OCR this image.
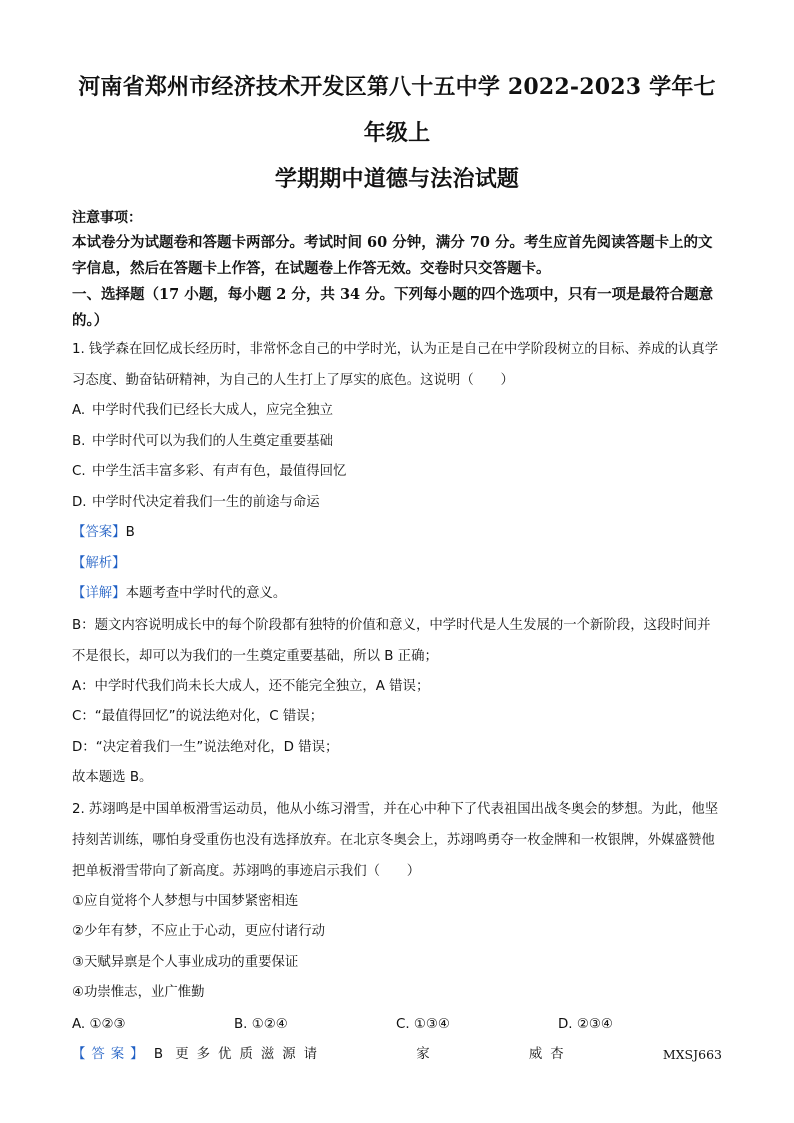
河南省郑州市经济技术开发区第八十五中学 2022-2023 学年七年级上
学期期中道德与法治试题
注意事项：

本试卷分为试题卷和答题卡两部分。考试时间 60 分钟，满分 70 分。考生应首先阅读答题卡上的文字信息，然后在答题卡上作答，在试题卷上作答无效。交卷时只交答题卡。

一、选择题（17 小题，每小题 2 分，共 34 分。下列每小题的四个选项中，只有一项是最符合题意的。）

1. 钱学森在回忆成长经历时，非常怀念自己的中学时光，认为正是自己在中学阶段树立的目标、养成的认真学习态度、勤奋钻研精神，为自己的人生打上了厚实的底色。这说明（　　）

A. 中学时代我们已经长大成人，应完全独立

B. 中学时代可以为我们的人生奠定重要基础

C. 中学生活丰富多彩、有声有色，最值得回忆

D. 中学时代决定着我们一生的前途与命运

【答案】B

【解析】

【详解】本题考查中学时代的意义。

B：题文内容说明成长中的每个阶段都有独特的价值和意义，中学时代是人生发展的一个新阶段，这段时间并不是很长，却可以为我们的一生奠定重要基础，所以 B 正确；

A：中学时代我们尚未长大成人，还不能完全独立，A 错误；

C：“最值得回忆”的说法绝对化，C 错误；

D：“决定着我们一生”说法绝对化，D 错误；

故本题选 B。

2. 苏翊鸣是中国单板滑雪运动员，他从小练习滑雪，并在心中种下了代表祖国出战冬奥会的梦想。为此，他坚持刻苦训练，哪怕身受重伤也没有选择放弃。在北京冬奥会上，苏翊鸣勇夺一枚金牌和一枚银牌，外媒盛赞他把单板滑雪带向了新高度。苏翊鸣的事迹启示我们（　　）

①应自觉将个人梦想与中国梦紧密相连

②少年有梦，不应止于心动，更应付诸行动

③天赋异禀是个人事业成功的重要保证

④功崇惟志，业广惟勤

A. ①②③	B. ①②④	C. ①③④	D. ②③④
【答案】 B 更多优质滋源请	家	威杏	MXSJ663
